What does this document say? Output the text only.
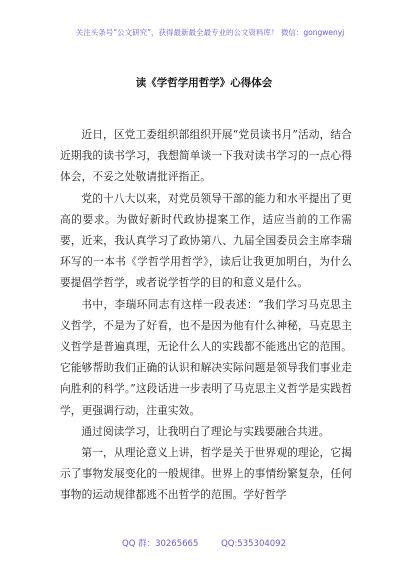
关注头条号“公文研究”，获得最新最全最专业的公文资料库！ 微信：gongwenyj
读《学哲学用哲学》心得体会

近日，区党工委组织部组织开展“党员读书月”活动，结合近期我的读书学习，我想简单谈一下我对读书学习的一点心得体会，不妥之处敬请批评指正。

党的十八大以来，对党员领导干部的能力和水平提出了更高的要求。为做好新时代政协提案工作，适应当前的工作需要，近来，我认真学习了政协第八、九届全国委员会主席李瑞环写的一本书《学哲学用哲学》，读后让我更加明白，为什么要提倡学哲学，或者说学哲学的目的和意义是什么。

书中，李瑞环同志有这样一段表述：“我们学习马克思主义哲学，不是为了好看，也不是因为他有什么神秘，马克思主义哲学是普遍真理，无论什么人的实践都不能逃出它的范围。它能够帮助我们正确的认识和解决实际问题是领导我们事业走向胜利的科学。”这段话进一步表明了马克思主义哲学是实践哲学，更强调行动，注重实效。

通过阅读学习，让我明白了理论与实践要融合共进。

第一，从理论意义上讲，哲学是关于世界观的理论，它揭示了事物发展变化的一般规律。世界上的事情纷繁复杂，任何事物的运动规律都逃不出哲学的范围。学好哲学

QQ 群：30265665	QQ:535304092
